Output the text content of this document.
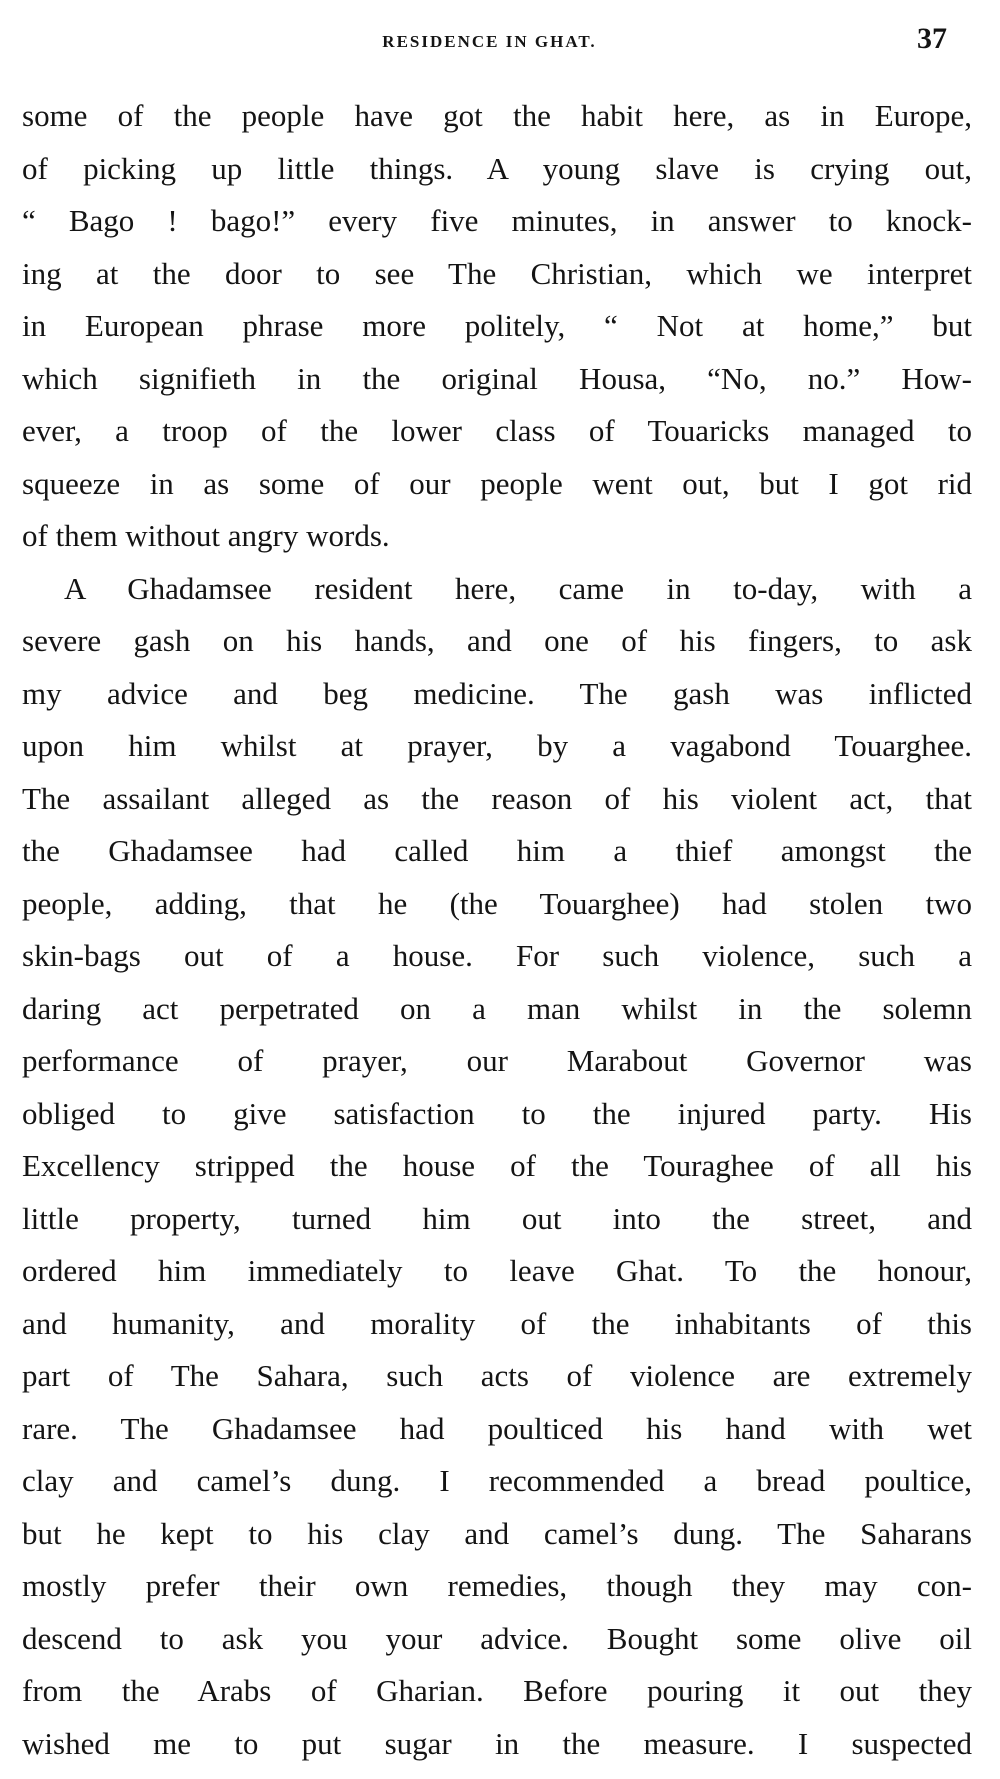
RESIDENCE IN GHAT.	37
some of the people have got the habit here, as in Europe,
of picking up little things. A young slave is crying out,
“ Bago ! bago!” every five minutes, in answer to knock-
ing at the door to see The Christian, which we interpret
in European phrase more politely, “ Not at home,” but
which signifieth in the original Housa, “No, no.” How-
ever, a troop of the lower class of Touaricks managed to
squeeze in as some of our people went out, but I got rid
of them without angry words.
A Ghadamsee resident here, came in to-day, with a
severe gash on his hands, and one of his fingers, to ask
my advice and beg medicine. The gash was inflicted
upon him whilst at prayer, by a vagabond Touarghee.
The assailant alleged as the reason of his violent act, that
the Ghadamsee had called him a thief amongst the
people, adding, that he (the Touarghee) had stolen two
skin-bags out of a house. For such violence, such a
daring act perpetrated on a man whilst in the solemn
performance of prayer, our Marabout Governor was
obliged to give satisfaction to the injured party. His
Excellency stripped the house of the Touraghee of all his
little property, turned him out into the street, and
ordered him immediately to leave Ghat. To the honour,
and humanity, and morality of the inhabitants of this
part of The Sahara, such acts of violence are extremely
rare. The Ghadamsee had poulticed his hand with wet
clay and camel’s dung. I recommended a bread poultice,
but he kept to his clay and camel’s dung. The Saharans
mostly prefer their own remedies, though they may con-
descend to ask you your advice. Bought some olive oil
from the Arabs of Gharian. Before pouring it out they
wished me to put sugar in the measure. I suspected
